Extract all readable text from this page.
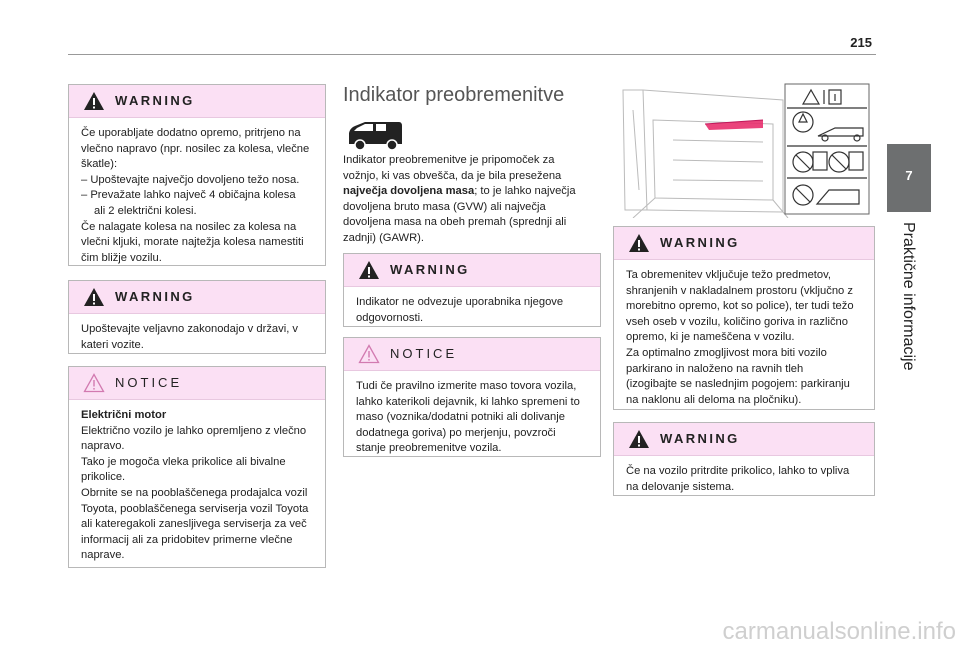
215
7
Praktične informacije
WARNING

Če uporabljate dodatno opremo, pritrjeno na

vlečno napravo (npr. nosilec za kolesa, vlečne

škatle):

– Upoštevajte največjo dovoljeno težo nosa.

– Prevažate lahko največ 4 običajna kolesa

ali 2 električni kolesi.

Če nalagate kolesa na nosilec za kolesa na

vlečni kljuki, morate najtežja kolesa namestiti

čim bližje vozilu.

WARNING

Upoštevajte veljavno zakonodajo v državi, v

kateri vozite.

NOTICE

Električni motor

Električno vozilo je lahko opremljeno z vlečno

napravo.

Tako je mogoča vleka prikolice ali bivalne

prikolice.

Obrnite se na pooblaščenega prodajalca vozil

Toyota, pooblaščenega serviserja vozil Toyota

ali kateregakoli zanesljivega serviserja za več

informacij ali za pridobitev primerne vlečne

naprave.

Indikator preobremenitve
Indikator preobremenitve je pripomoček za
vožnjo, ki vas obvešča, da je bila presežena
največja dovoljena masa; to je lahko največja
dovoljena bruto masa (GVW) ali največja
dovoljena masa na obeh premah (sprednji ali
zadnji) (GAWR).
WARNING

Indikator ne odvezuje uporabnika njegove

odgovornosti.

NOTICE

Tudi če pravilno izmerite maso tovora vozila,

lahko katerikoli dejavnik, ki lahko spremeni to

maso (voznika/dodatni potniki ali dolivanje

dodatnega goriva) po merjenju, povzroči

stanje preobremenitve vozila.

WARNING

Ta obremenitev vključuje težo predmetov,

shranjenih v nakladalnem prostoru (vključno z

morebitno opremo, kot so police), ter tudi težo

vseh oseb v vozilu, količino goriva in različno

opremo, ki je nameščena v vozilu.

Za optimalno zmogljivost mora biti vozilo

parkirano in naloženo na ravnih tleh

(izogibajte se naslednjim pogojem: parkiranju

na naklonu ali deloma na pločniku).

WARNING

Če na vozilo pritrdite prikolico, lahko to vpliva

na delovanje sistema.

carmanualsonline.info
